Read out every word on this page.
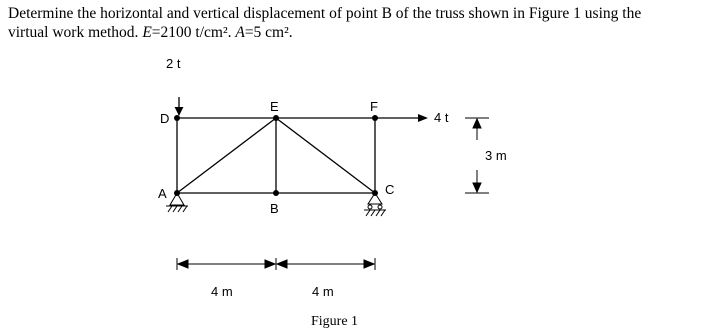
Determine the horizontal and vertical displacement of point B of the truss shown in Figure 1 using the
virtual work method. E=2100 t/cm². A=5 cm².

2 t
4 t
D
E	F
A
B
C
3 m
4 m	4 m
Figure 1
